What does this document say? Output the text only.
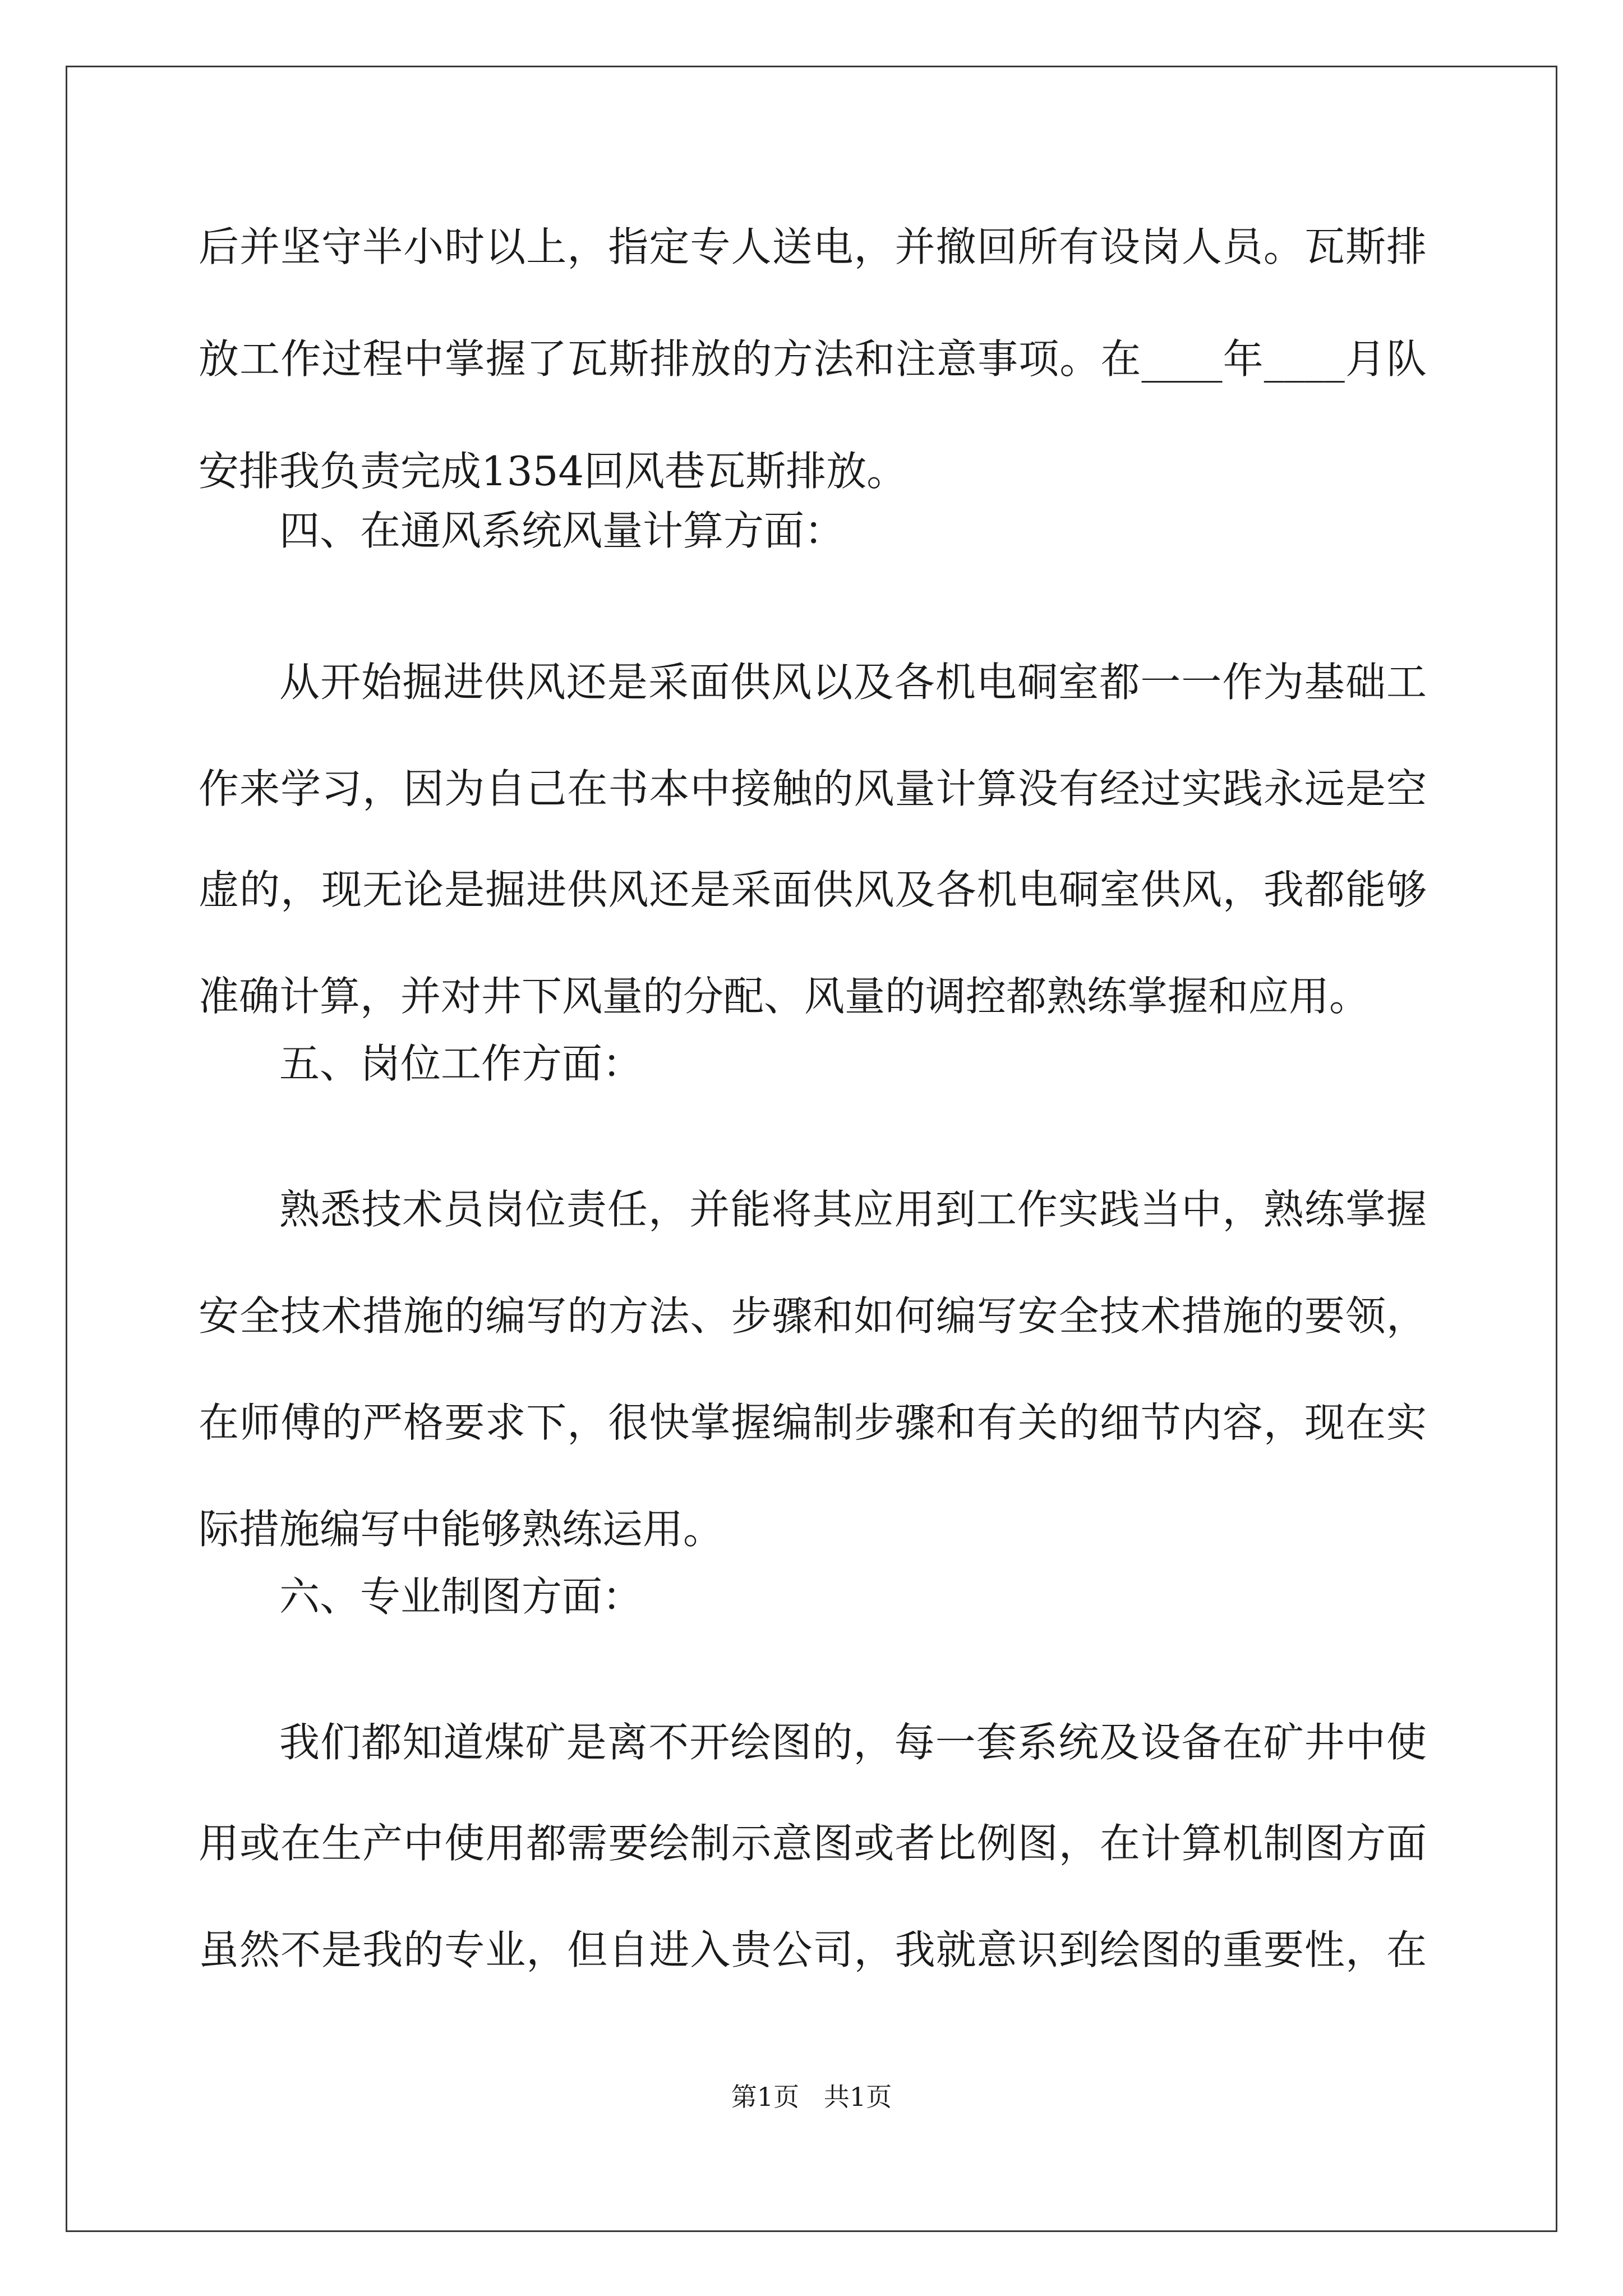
后并坚守半小时以上，指定专人送电，并撤回所有设岗人员。瓦斯排

放工作过程中掌握了瓦斯排放的方法和注意事项。在____年____月队

安排我负责完成1354回风巷瓦斯排放。

四、在通风系统风量计算方面：

从开始掘进供风还是采面供风以及各机电硐室都一一作为基础工

作来学习，因为自己在书本中接触的风量计算没有经过实践永远是空

虚的，现无论是掘进供风还是采面供风及各机电硐室供风，我都能够

准确计算，并对井下风量的分配、风量的调控都熟练掌握和应用。

五、岗位工作方面：

熟悉技术员岗位责任，并能将其应用到工作实践当中，熟练掌握

安全技术措施的编写的方法、步骤和如何编写安全技术措施的要领，

在师傅的严格要求下，很快掌握编制步骤和有关的细节内容，现在实

际措施编写中能够熟练运用。

六、专业制图方面：

我们都知道煤矿是离不开绘图的，每一套系统及设备在矿井中使

用或在生产中使用都需要绘制示意图或者比例图，在计算机制图方面

虽然不是我的专业，但自进入贵公司，我就意识到绘图的重要性，在

第1页   共1页
